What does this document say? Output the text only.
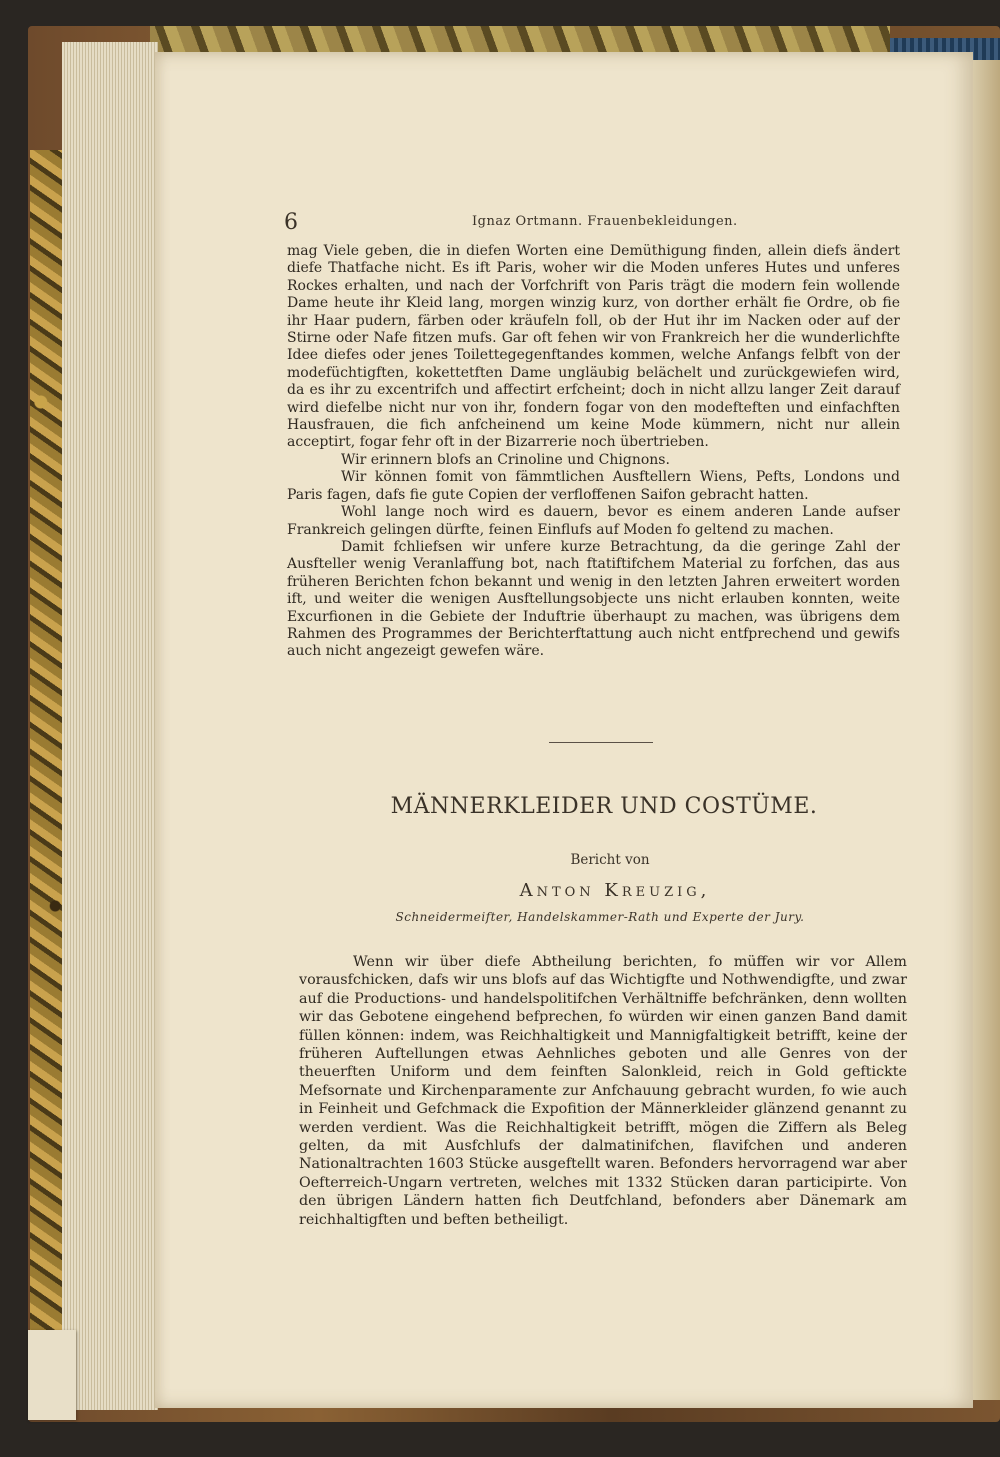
6	Ignaz Ortmann. Frauenbekleidungen.

mag Viele geben, die in diefen Worten eine Demüthigung finden, allein diefs ändert diefe Thatfache nicht. Es ift Paris, woher wir die Moden unferes Hutes und unferes Rockes erhalten, und nach der Vorfchrift von Paris trägt die modern fein wollende Dame heute ihr Kleid lang, morgen winzig kurz, von dorther erhält fie Ordre, ob fie ihr Haar pudern, färben oder kräufeln foll, ob der Hut ihr im Nacken oder auf der Stirne oder Nafe fitzen mufs. Gar oft fehen wir von Frankreich her die wunderlichfte Idee diefes oder jenes Toilettegegenftandes kommen, welche Anfangs felbft von der modefüchtigften, kokettetften Dame ungläubig belächelt und zurückgewiefen wird, da es ihr zu excentrifch und affectirt erfcheint; doch in nicht allzu langer Zeit darauf wird diefelbe nicht nur von ihr, fondern fogar von den modefteften und einfachften Hausfrauen, die fich anfcheinend um keine Mode kümmern, nicht nur allein acceptirt, fogar fehr oft in der Bizarrerie noch übertrieben.

Wir erinnern blofs an Crinoline und Chignons.

Wir können fomit von fämmtlichen Ausftellern Wiens, Pefts, Londons und Paris fagen, dafs fie gute Copien der verfloffenen Saifon gebracht hatten.

Wohl lange noch wird es dauern, bevor es einem anderen Lande aufser Frankreich gelingen dürfte, feinen Einflufs auf Moden fo geltend zu machen.

Damit fchliefsen wir unfere kurze Betrachtung, da die geringe Zahl der Ausfteller wenig Veranlaffung bot, nach ftatiftifchem Material zu forfchen, das aus früheren Berichten fchon bekannt und wenig in den letzten Jahren erweitert worden ift, und weiter die wenigen Ausftellungsobjecte uns nicht erlauben konnten, weite Excurfionen in die Gebiete der Induftrie überhaupt zu machen, was übrigens dem Rahmen des Programmes der Berichterftattung auch nicht entfprechend und gewifs auch nicht angezeigt gewefen wäre.

MÄNNERKLEIDER UND COSTÜME.
Bericht von
Anton Kreuzig,
Schneidermeifter, Handelskammer-Rath und Experte der Jury.

Wenn wir über diefe Abtheilung berichten, fo müffen wir vor Allem vorausfchicken, dafs wir uns blofs auf das Wichtigfte und Nothwendigfte, und zwar auf die Productions- und handelspolitifchen Verhältniffe befchränken, denn wollten wir das Gebotene eingehend befprechen, fo würden wir einen ganzen Band damit füllen können: indem, was Reichhaltigkeit und Mannigfaltigkeit betrifft, keine der früheren Auftellungen etwas Aehnliches geboten und alle Genres von der theuerften Uniform und dem feinften Salonkleid, reich in Gold geftickte Mefsornate und Kirchenparamente zur Anfchauung gebracht wurden, fo wie auch in Feinheit und Gefchmack die Expofition der Männerkleider glänzend genannt zu werden verdient. Was die Reichhaltigkeit betrifft, mögen die Ziffern als Beleg gelten, da mit Ausfchlufs der dalmatinifchen, flavifchen und anderen Nationaltrachten 1603 Stücke ausgeftellt waren. Befonders hervorragend war aber Oefterreich-Ungarn vertreten, welches mit 1332 Stücken daran participirte. Von den übrigen Ländern hatten fich Deutfchland, befonders aber Dänemark am reichhaltigften und beften betheiligt.
